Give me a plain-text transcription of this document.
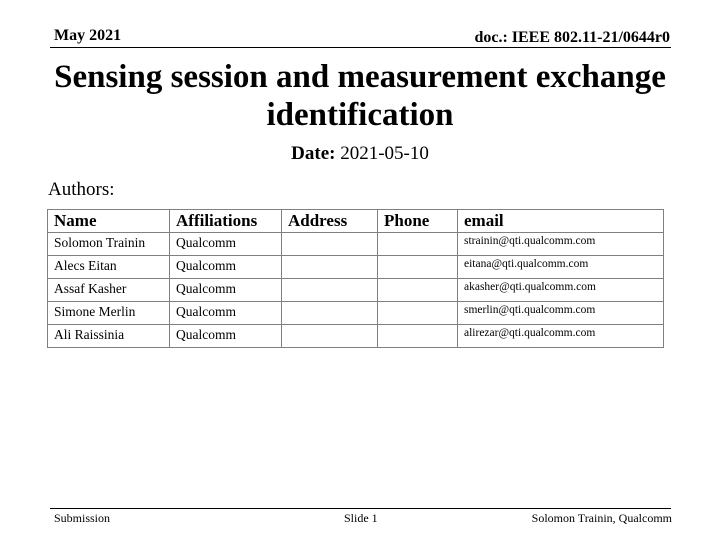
May 2021	doc.: IEEE 802.11-21/0644r0
Sensing session and measurement exchange identification
Date: 2021-05-10
Authors:
Name	Affiliations	Address	Phone	email
Solomon Trainin	Qualcomm			strainin@qti.qualcomm.com
Alecs Eitan	Qualcomm			eitana@qti.qualcomm.com
Assaf Kasher	Qualcomm			akasher@qti.qualcomm.com
Simone Merlin	Qualcomm			smerlin@qti.qualcomm.com
Ali Raissinia	Qualcomm			alirezar@qti.qualcomm.com
Submission	Slide 1	Solomon Trainin, Qualcomm
